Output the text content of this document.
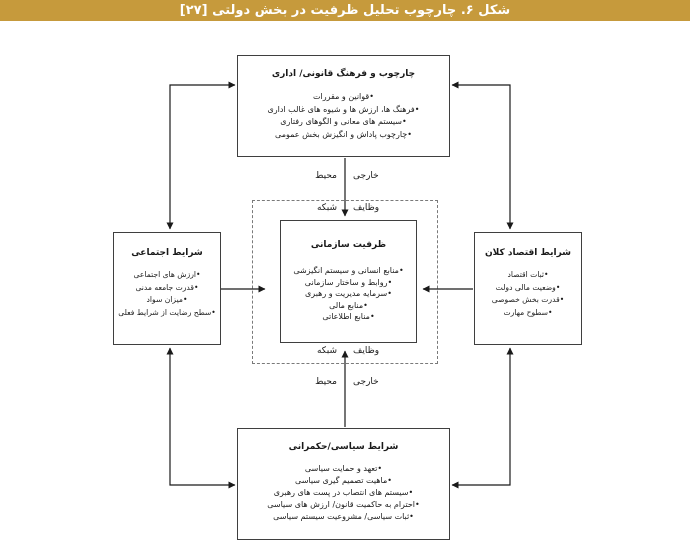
شکل ۶. چارچوب تحلیل ظرفیت در بخش دولتی [۲۷]
چارچوب و فرهنگ قانونی/ اداری
• قوانین و مقررات
• فرهنگ ها، ارزش ها و شیوه های غالب اداری
• سیستم های معانی و الگوهای رفتاری
• چارچوب پاداش و انگیزش بخش عمومی
شرایط اجتماعی
• ارزش های اجتماعی
• قدرت جامعه مدنی
• میزان سواد
• سطح رضایت از شرایط فعلی
شرایط اقتصاد کلان
• ثبات اقتصاد
• وضعیت مالی دولت
• قدرت بخش خصوصی
• سطوح مهارت
ظرفیت سازمانی
• منابع انسانی و سیستم انگیزشی
• روابط و ساختار سازمانی
• سرمایه مدیریت و رهبری
• منابع مالی
• منابع اطلاعاتی
شرایط سیاسی/حکمرانی
• تعهد و حمایت سیاسی
• ماهیت تصمیم گیری سیاسی
• سیستم های انتصاب در پست های رهبری
• احترام به حاکمیت قانون/ ارزش های سیاسی
• ثبات سیاسی/ مشروعیت سیستم سیاسی
محیط خارجی
شبکه وظایف
شبکه وظایف
محیط خارجی
